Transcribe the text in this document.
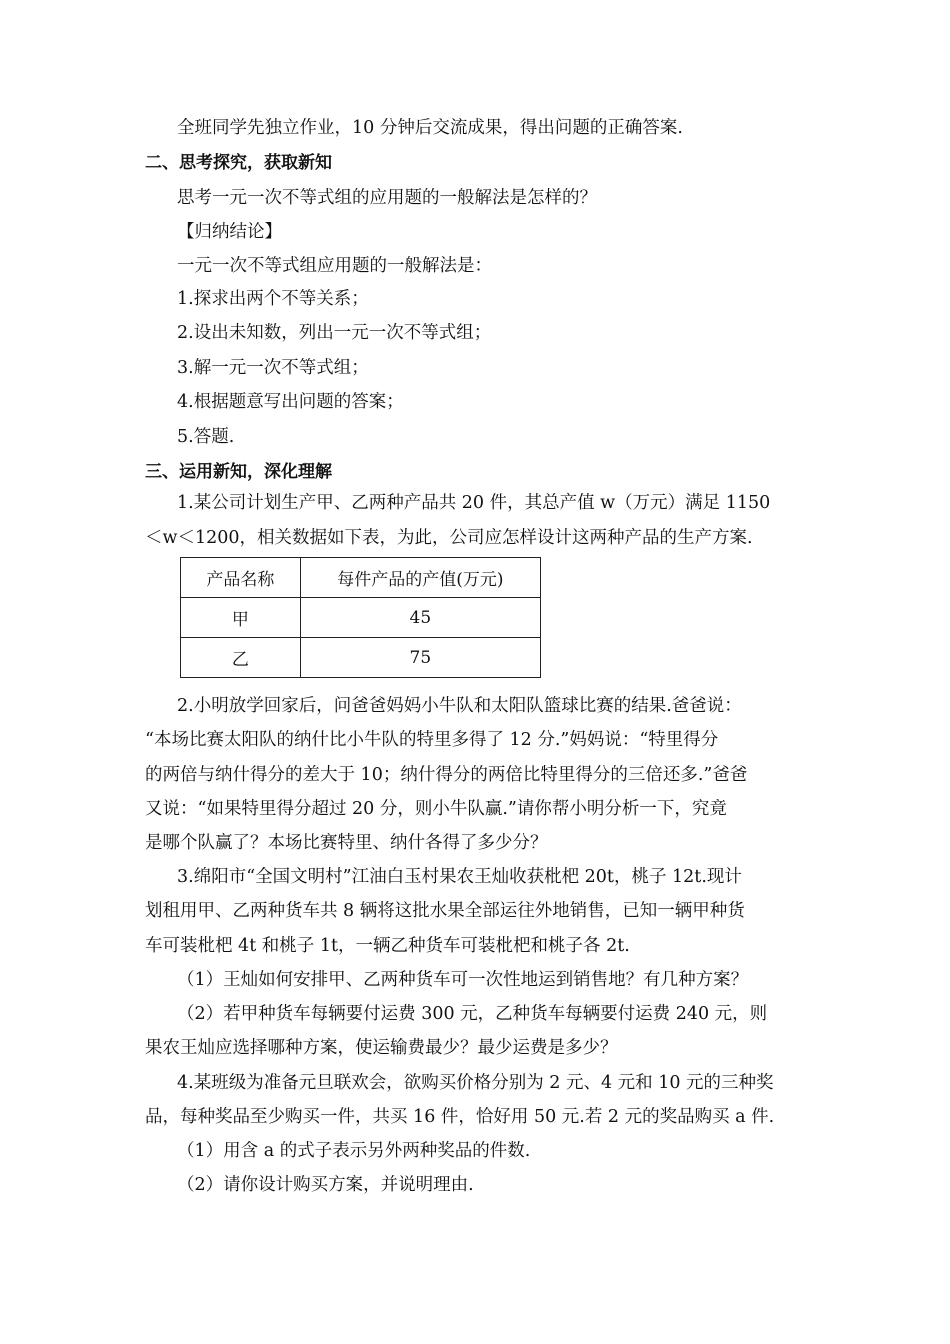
全班同学先独立作业，10 分钟后交流成果，得出问题的正确答案.
二、思考探究，获取新知
思考一元一次不等式组的应用题的一般解法是怎样的？
【归纳结论】
一元一次不等式组应用题的一般解法是：
1.探求出两个不等关系；
2.设出未知数，列出一元一次不等式组；
3.解一元一次不等式组；
4.根据题意写出问题的答案；
5.答题.
三、运用新知，深化理解
1.某公司计划生产甲、乙两种产品共 20 件，其总产值 w（万元）满足 1150
＜w＜1200，相关数据如下表，为此，公司应怎样设计这两种产品的生产方案.
产品名称	每件产品的产值(万元)
甲	45
乙	75
2.小明放学回家后，问爸爸妈妈小牛队和太阳队篮球比赛的结果.爸爸说：
“本场比赛太阳队的纳什比小牛队的特里多得了 12 分.”妈妈说：“特里得分
的两倍与纳什得分的差大于 10；纳什得分的两倍比特里得分的三倍还多.”爸爸
又说：“如果特里得分超过 20 分，则小牛队赢.”请你帮小明分析一下，究竟
是哪个队赢了？本场比赛特里、纳什各得了多少分？
3.绵阳市“全国文明村”江油白玉村果农王灿收获枇杷 20t，桃子 12t.现计
划租用甲、乙两种货车共 8 辆将这批水果全部运往外地销售，已知一辆甲种货
车可装枇杷 4t 和桃子 1t，一辆乙种货车可装枇杷和桃子各 2t.
（1）王灿如何安排甲、乙两种货车可一次性地运到销售地？有几种方案？
（2）若甲种货车每辆要付运费 300 元，乙种货车每辆要付运费 240 元，则
果农王灿应选择哪种方案，使运输费最少？最少运费是多少？
4.某班级为准备元旦联欢会，欲购买价格分别为 2 元、4 元和 10 元的三种奖
品，每种奖品至少购买一件，共买 16 件，恰好用 50 元.若 2 元的奖品购买 a 件.
（1）用含 a 的式子表示另外两种奖品的件数.
（2）请你设计购买方案，并说明理由.
